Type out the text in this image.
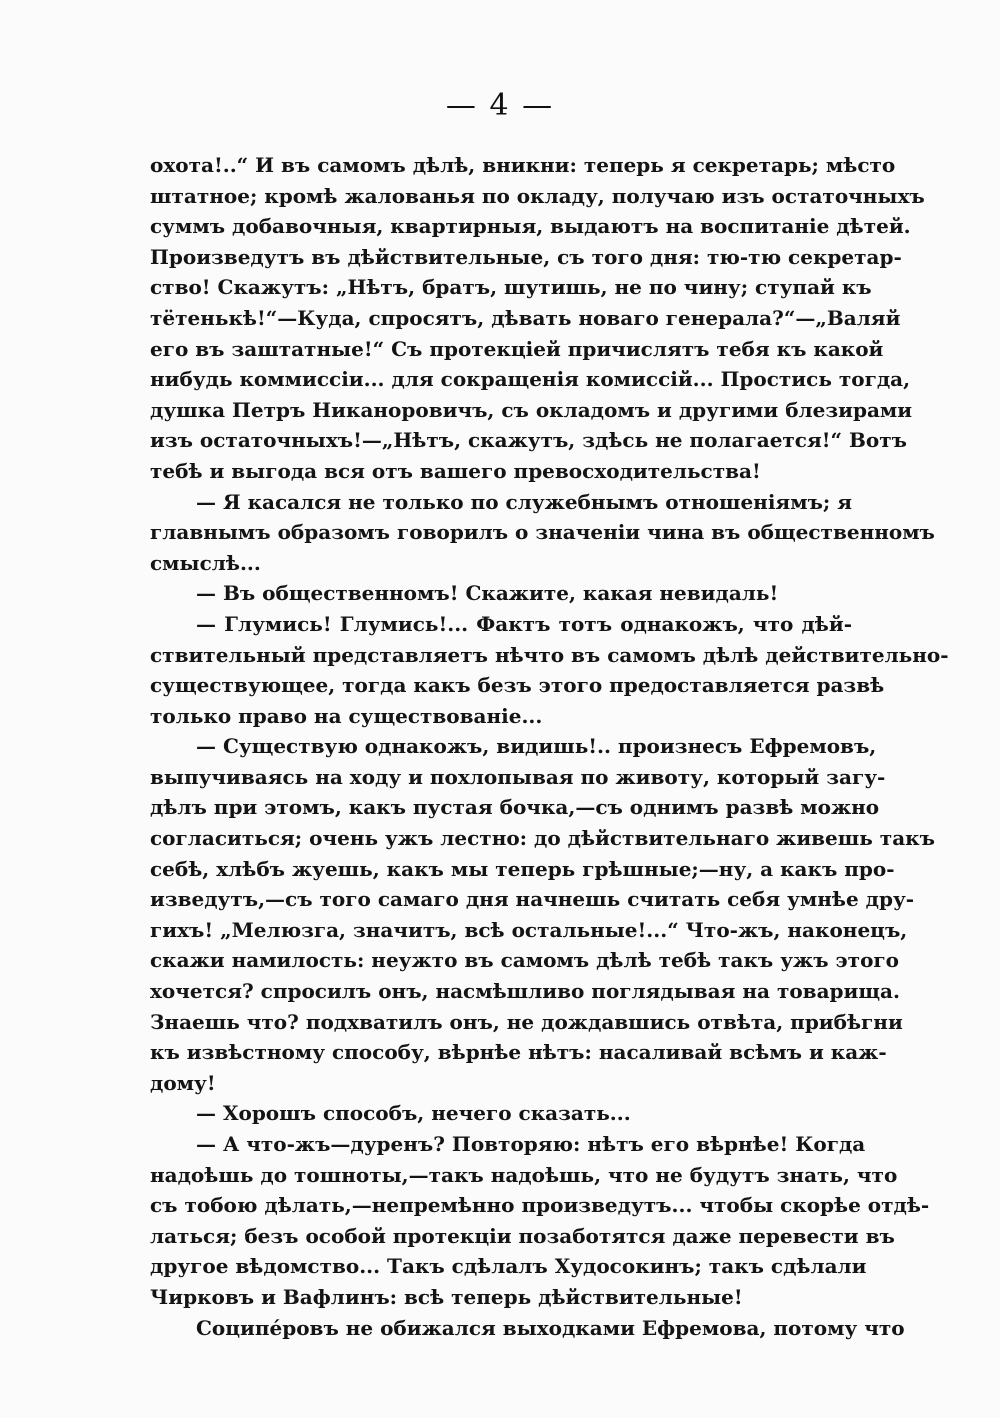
— 4 —
охота!..“ И въ самомъ дѣлѣ, вникни: теперь я секретарь; мѣсто
штатное; кромѣ жалованья по окладу, получаю изъ остаточныхъ
суммъ добавочныя, квартирныя, выдаютъ на воспитаніе дѣтей.
Произведутъ въ дѣйствительные, съ того дня: тю-тю секретар-
ство! Скажутъ: „Нѣтъ, братъ, шутишь, не по чину; ступай къ
тётенькѣ!“—Куда, спросятъ, дѣвать новаго генерала?“—„Валяй
его въ заштатные!“ Съ протекціей причислятъ тебя къ какой
нибудь коммиссіи... для сокращенія комиссій... Простись тогда,
душка Петръ Никаноровичъ, съ окладомъ и другими блезирами
изъ остаточныхъ!—„Нѣтъ, скажутъ, здѣсь не полагается!“ Вотъ
тебѣ и выгода вся отъ вашего превосходительства!
— Я касался не только по служебнымъ отношеніямъ; я
главнымъ образомъ говорилъ о значеніи чина въ общественномъ
смыслѣ...
— Въ общественномъ! Скажите, какая невидаль!
— Глумись! Глумись!... Фактъ тотъ однакожъ, что дѣй-
ствительный представляетъ нѣчто въ самомъ дѣлѣ действительно-
существующее, тогда какъ безъ этого предоставляется развѣ
только право на существованіе...
— Существую однакожъ, видишь!.. произнесъ Ефремовъ,
выпучиваясь на ходу и похлопывая по животу, который загу-
дѣлъ при этомъ, какъ пустая бочка,—съ однимъ развѣ можно
согласиться; очень ужъ лестно: до дѣйствительнаго живешь такъ
себѣ, хлѣбъ жуешь, какъ мы теперь грѣшные;—ну, а какъ про-
изведутъ,—съ того самаго дня начнешь считать себя умнѣе дру-
гихъ! „Мелюзга, значитъ, всѣ остальные!...“ Что-жъ, наконецъ,
скажи намилость: неужто въ самомъ дѣлѣ тебѣ такъ ужъ этого
хочется? спросилъ онъ, насмѣшливо поглядывая на товарища.
Знаешь что? подхватилъ онъ, не дождавшись отвѣта, прибѣгни
къ извѣстному способу, вѣрнѣе нѣтъ: насаливай всѣмъ и каж-
дому!
— Хорошъ способъ, нечего сказать...
— А что-жъ—дуренъ? Повторяю: нѣтъ его вѣрнѣе! Когда
надоѣшь до тошноты,—такъ надоѣшь, что не будутъ знать, что
съ тобою дѣлать,—непремѣнно произведутъ... чтобы скорѣе отдѣ-
латься; безъ особой протекціи позаботятся даже перевести въ
другое вѣдомство... Такъ сдѣлалъ Худосокинъ; такъ сдѣлали
Чирковъ и Вафлинъ: всѣ теперь дѣйствительные!
Соципéровъ не обижался выходками Ефремова, потому что
